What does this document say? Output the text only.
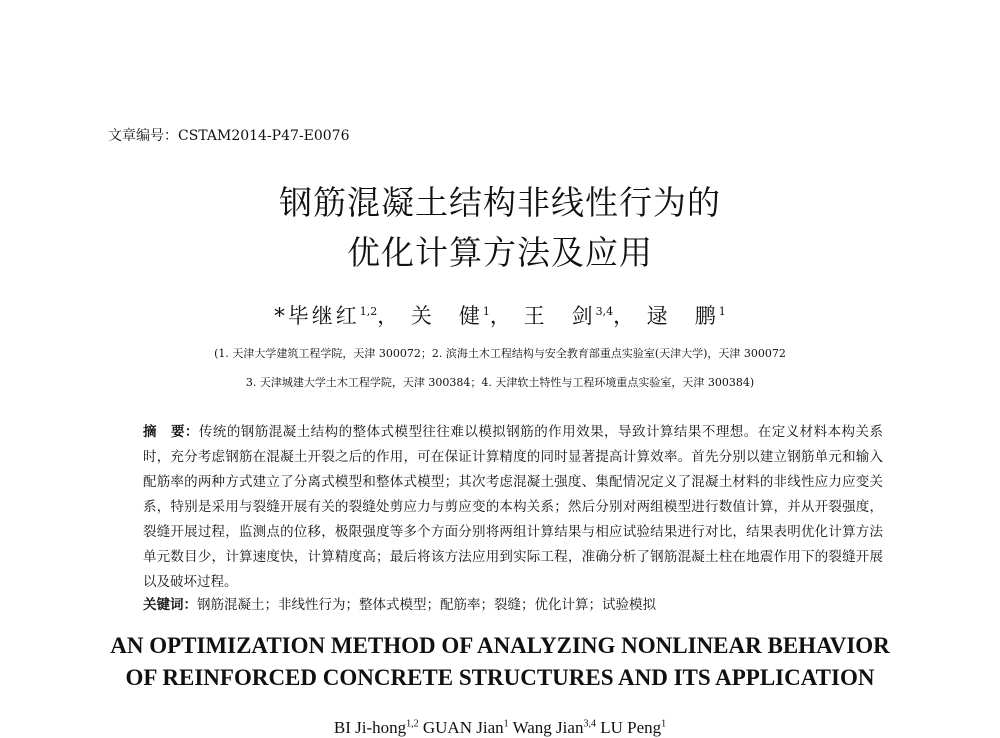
文章编号：CSTAM2014-P47-E0076
钢筋混凝土结构非线性行为的
优化计算方法及应用
*毕继红$^{1,2}$， 关　健$^1$， 王　剑$^{3,4}$， 逯　鹏$^1$
(1. 天津大学建筑工程学院，天津 300072；2. 滨海土木工程结构与安全教育部重点实验室(天津大学)，天津 300072
3. 天津城建大学土木工程学院，天津 300384；4. 天津软土特性与工程环境重点实验室，天津 300384)
摘　要：传统的钢筋混凝土结构的整体式模型往往难以模拟钢筋的作用效果，导致计算结果不理想。在定义材料本构关系时，充分考虑钢筋在混凝土开裂之后的作用，可在保证计算精度的同时显著提高计算效率。首先分别以建立钢筋单元和输入配筋率的两种方式建立了分离式模型和整体式模型；其次考虑混凝土强度、集配情况定义了混凝土材料的非线性应力应变关系，特别是采用与裂缝开展有关的裂缝处剪应力与剪应变的本构关系；然后分别对两组模型进行数值计算，并从开裂强度，裂缝开展过程，监测点的位移，极限强度等多个方面分别将两组计算结果与相应试验结果进行对比，结果表明优化计算方法单元数目少，计算速度快，计算精度高；最后将该方法应用到实际工程，准确分析了钢筋混凝土柱在地震作用下的裂缝开展以及破坏过程。
关键词：钢筋混凝土；非线性行为；整体式模型；配筋率；裂缝；优化计算；试验模拟
AN OPTIMIZATION METHOD OF ANALYZING NONLINEAR BEHAVIOR
OF REINFORCED CONCRETE STRUCTURES AND ITS APPLICATION
BI Ji-hong$^{1,2}$ GUAN Jian$^1$ Wang Jian$^{3,4}$ LU Peng$^1$
